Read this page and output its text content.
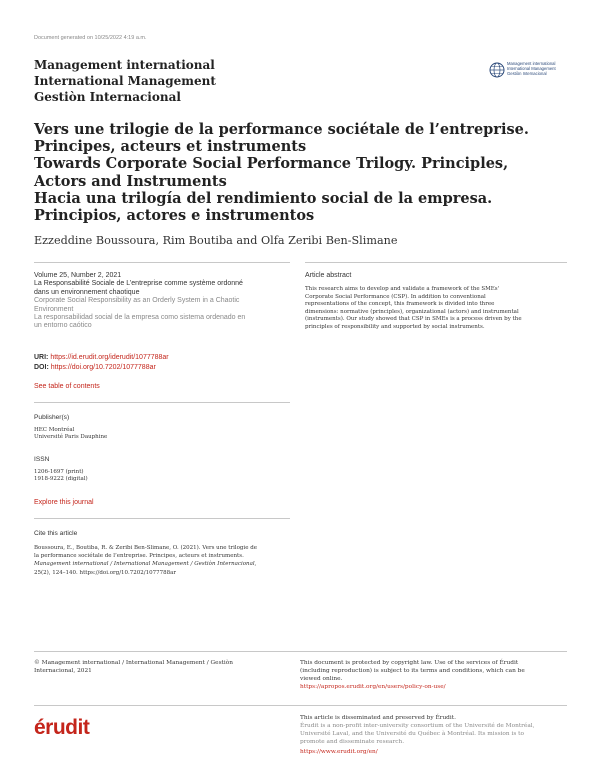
Document generated on 10/25/2022 4:19 a.m.
Management international
International Management
Gestiòn Internacional
Management international
International Management
Gestiòn Internacional
Vers une trilogie de la performance sociétale de l’entreprise.
Principes, acteurs et instruments
Towards Corporate Social Performance Trilogy. Principles,
Actors and Instruments
Hacia una trilogía del rendimiento social de la empresa.
Principios, actores e instrumentos
Ezzeddine Boussoura, Rim Boutiba and Olfa Zeribi Ben-Slimane
Volume 25, Number 2, 2021
La Responsabilité Sociale de L’entreprise comme système ordonné
dans un environnement chaotique
Corporate Social Responsibility as an Orderly System in a Chaotic
Environment
La responsabilidad social de la empresa como sistema ordenado en
un entorno caótico
URI: https://id.erudit.org/iderudit/1077788ar
DOI: https://doi.org/10.7202/1077788ar
See table of contents
Publisher(s)
HEC Montréal
Université Paris Dauphine
ISSN
1206-1697 (print)
1918-9222 (digital)
Explore this journal
Cite this article
Boussoura, E., Boutiba, R. & Zeribi Ben-Slimane, O. (2021). Vers une trilogie de
la performance sociétale de l’entreprise. Principes, acteurs et instruments.
Management international / International Management / Gestiòn Internacional,
25(2), 124–140. https://doi.org/10.7202/1077788ar
Article abstract
This research aims to develop and validate a framework of the SMEs'
Corporate Social Performance (CSP). In addition to conventional
representations of the concept, this framework is divided into three
dimensions: normative (principles), organizational (actors) and instrumental
(instruments). Our study showed that CSP in SMEs is a process driven by the
principles of responsibility and supported by social instruments.
© Management international / International Management / Gestiòn
Internacional, 2021
This document is protected by copyright law. Use of the services of Érudit
(including reproduction) is subject to its terms and conditions, which can be
viewed online.
https://apropos.erudit.org/en/users/policy-on-use/
érudit	This article is disseminated and preserved by Érudit.
Érudit is a non-profit inter-university consortium of the Université de Montréal,
Université Laval, and the Université du Québec à Montréal. Its mission is to
promote and disseminate research.
https://www.erudit.org/en/
